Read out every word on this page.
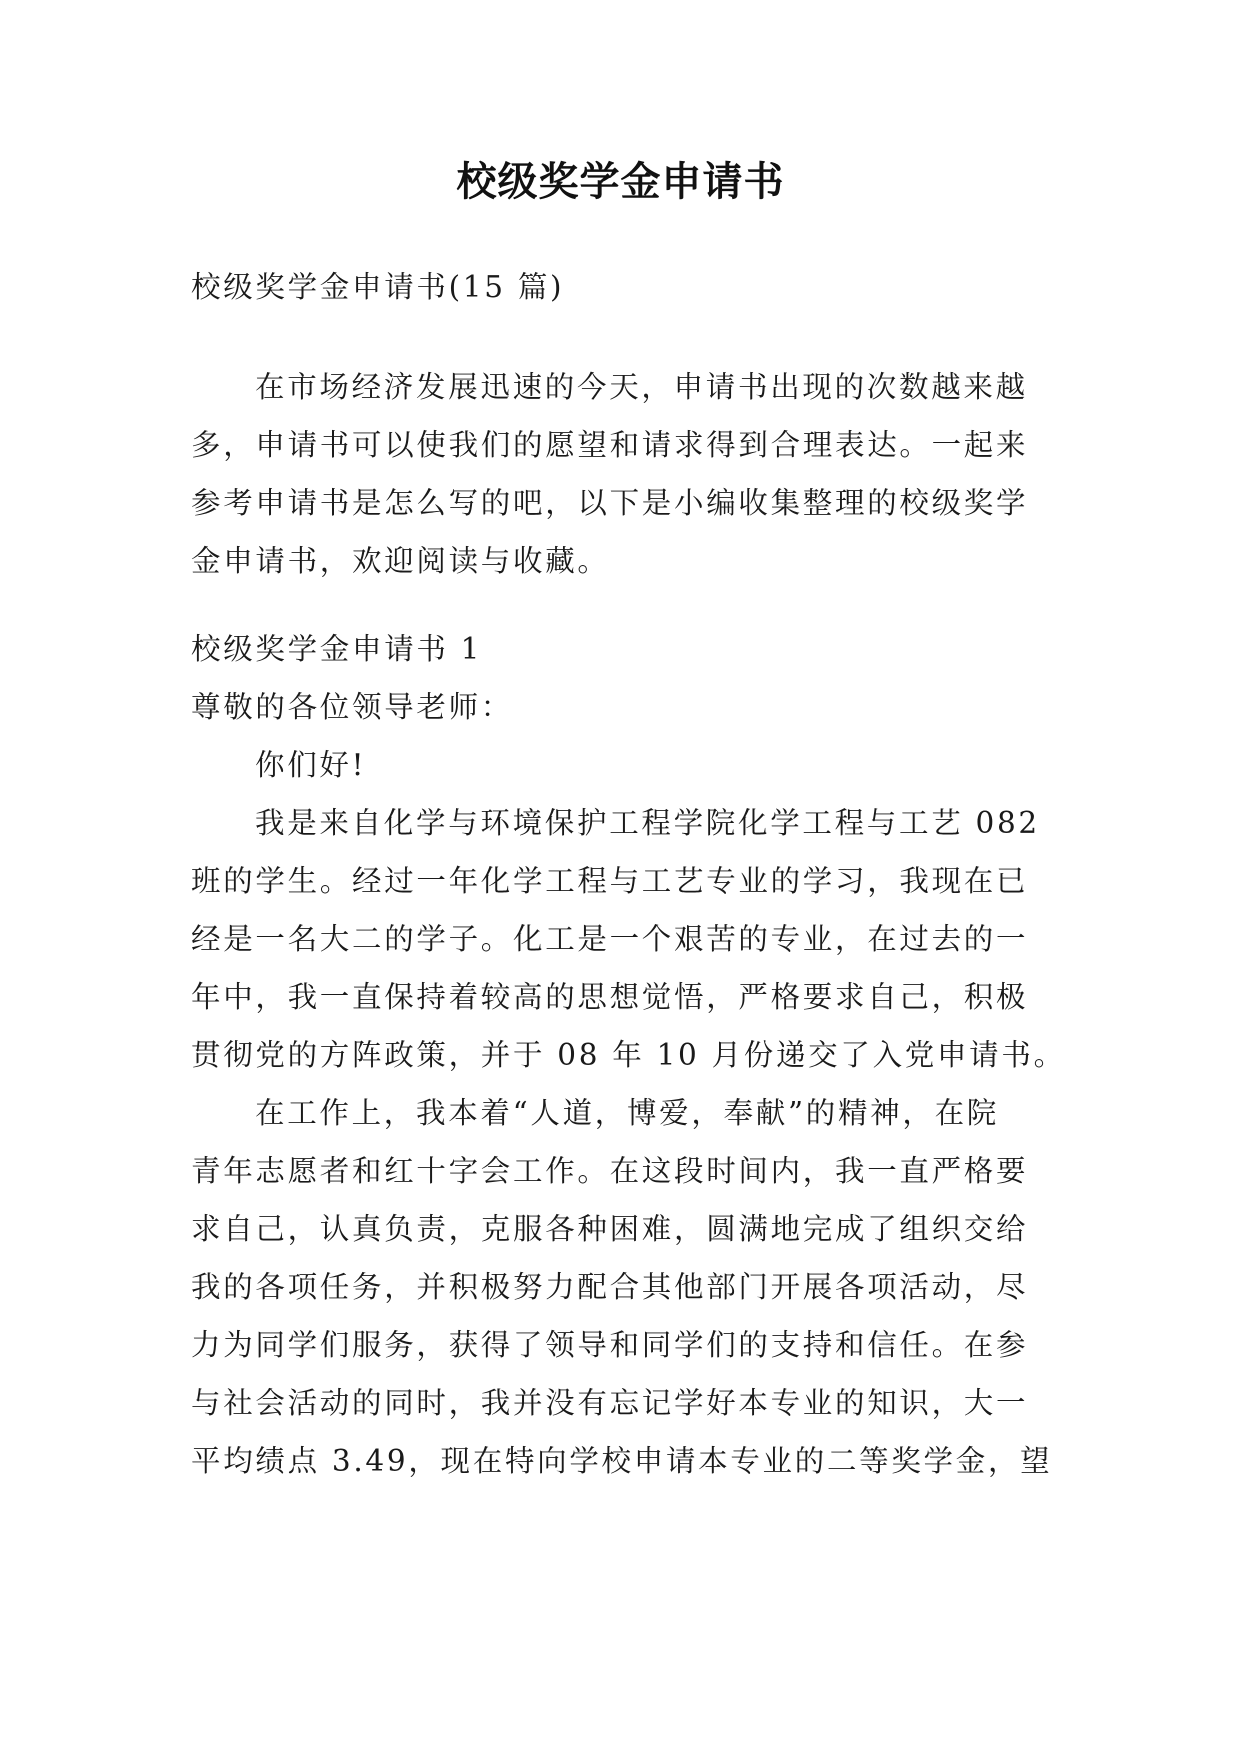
校级奖学金申请书
校级奖学金申请书(15 篇)
在市场经济发展迅速的今天，申请书出现的次数越来越
多，申请书可以使我们的愿望和请求得到合理表达。一起来
参考申请书是怎么写的吧，以下是小编收集整理的校级奖学
金申请书，欢迎阅读与收藏。
校级奖学金申请书 1
尊敬的各位领导老师：
你们好!
我是来自化学与环境保护工程学院化学工程与工艺 082
班的学生。经过一年化学工程与工艺专业的学习，我现在已
经是一名大二的学子。化工是一个艰苦的专业，在过去的一
年中，我一直保持着较高的思想觉悟，严格要求自己，积极
贯彻党的方阵政策，并于 08 年 10 月份递交了入党申请书。
在工作上，我本着“人道，博爱，奉献”的精神，在院
青年志愿者和红十字会工作。在这段时间内，我一直严格要
求自己，认真负责，克服各种困难，圆满地完成了组织交给
我的各项任务，并积极努力配合其他部门开展各项活动，尽
力为同学们服务，获得了领导和同学们的支持和信任。在参
与社会活动的同时，我并没有忘记学好本专业的知识，大一
平均绩点 3.49，现在特向学校申请本专业的二等奖学金，望
